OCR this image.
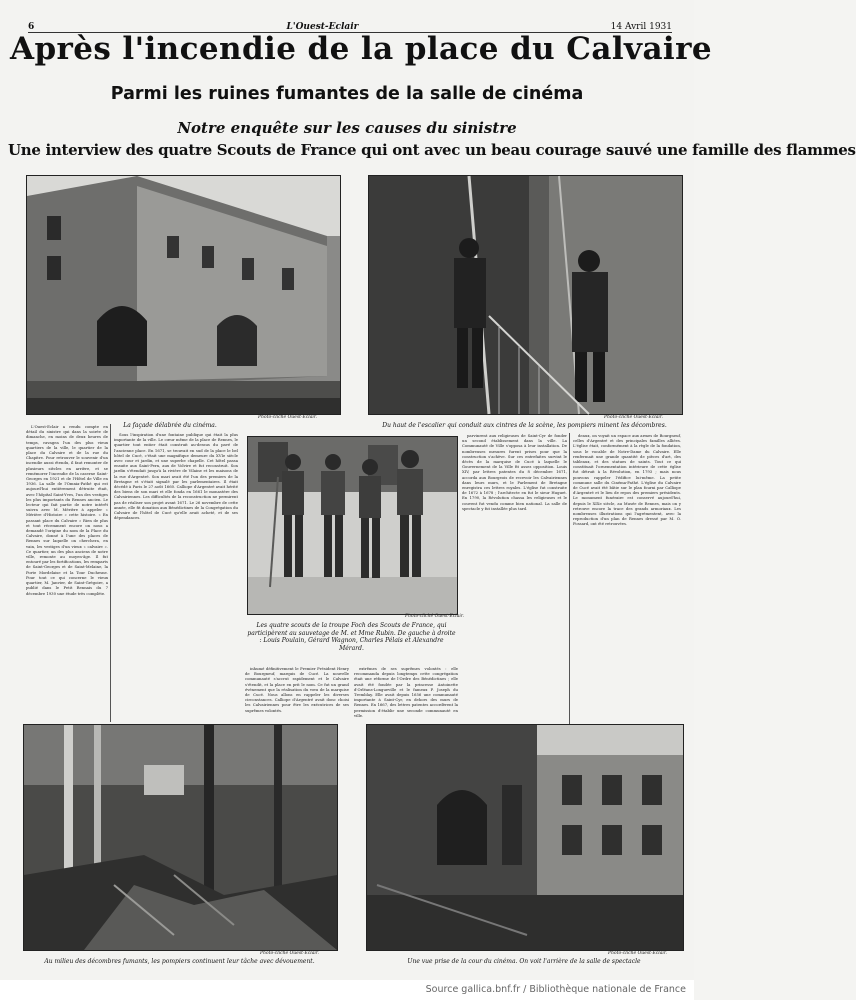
6	L'Ouest-Eclair	14 Avril 1931
Après l'incendie de la place du Calvaire
Parmi les ruines fumantes de la salle de cinéma
Notre enquête sur les causes du sinistre
Une interview des quatre Scouts de France qui ont avec un beau courage sauvé une famille des flammes
Photo-cliché Ouest-Eclair.
La façade délabrée du cinéma.
Photo-cliché Ouest-Eclair.
Du haut de l'escalier qui conduit aux cintres de la scène, les pompiers minent les décombres.

L'Ouest-Eclair a rendu compte en détail du sinistre qui dans la soirée de dimanche, en moins de deux heures de temps, ravagea l'un des plus vieux quartiers de la ville, le quartier de la place du Calvaire et de la rue du Chapitre. Pour retrouver le souvenir d'un incendie aussi étendu, il faut remonter de plusieurs siècles en arrière, et se remémorer l'incendie de la caserne Saint-Georges en 1921 et de l'Hôtel de Ville en 1936. La salle de l'Omnia-Pathé qui est aujourd'hui entièrement détruite était, avec l'hôpital Saint-Yves, l'un des vestiges les plus importants du Rennes ancien. Le lecteur qui fait partie de notre intérêt suivra avec M. Mérière à appeler « Mérière d'Histoire » cette histoire. « En passant place du Calvaire » Rien de plus et tout récemment encore on nous a demandé l'origine du nom de la Place du Calvaire, donné à l'une des places de Rennes sur laquelle on cherchera, en vain, les vestiges d'un vieux « calvaire ». Ce quartier, un des plus anciens de notre ville, remonte au moyen-âge. Il fut entouré par les fortifications, les remparts de Saint-Georges et de Saint-Melaine, la Porte Mordelaise et la Tour Duchesne. Pour tout ce qui concerne le vieux quartier, M. Janvier, de Saint-Grégoire, a publié dans le Petit Rennais du 7 décembre 1930 une étude très complète.

Sous l'inspiration d'une fontaine publique qui était la plus importante de la ville. Le cœur même de la place de Rennes, le quartier tout entier était construit au-dessus du pavé de l'ancienne place. En 1671, se trouvait en sud de la place le bel hôtel de Cucé, c'était une magnifique demeure du XVIe siècle avec cour et jardin, et une superbe chapelle. Cet hôtel passa ensuite aux Saint-Pern, aux de Volvire et fut reconstruit. Son jardin s'étendait jusqu'à la rivière de Vilaine et les maisons de la rue d'Argentré. Son mari avait été l'un des premiers de la Bretagne et s'était signalé par les parlementaires. Il était décédé à Paris le 27 août 1660. Calliope d'Argentré avait hérité des biens de son mari et elle fonda en 1661 le monastère des Calvairiennes. Les difficultés de la reconstruction ne permirent pas de réaliser son projet avant 1671. Le 26 novembre de cette année, elle fit donation aux Bénédictines de la Congrégation du Calvaire de l'hôtel de Cucé qu'elle avait acheté, et de ses dépendances.

inhumé définitivement le Premier Président Henry de Bourgneuf, marquis de Cucé. La nouvelle communauté s'accrut rapidement et le Calvaire s'étendit, et la place en prit le nom. Ce fut un grand événement que la réalisation du vœu de la marquise de Cucé. Nous allons en rappeler les diverses circonstances. Calliope d'Argentré avait donc choisi les Calvairiennes pour être les exécutrices de ses suprêmes volontés.

extrêmes de ses suprêmes volontés : elle recommanda depuis longtemps cette congrégation était une réforme de l'Ordre des Bénédictines ; elle avait été fondée par la princesse Antoinette d'Orléans-Longueville et le fameux P. Joseph du Tremblay. Elle avait depuis 1656 une communauté importante à Saint-Cyr, en dehors des murs de Rennes. En 1667, des lettres patentes accordèrent la permission d'établir une seconde communauté en ville.

parvinrent aux religieuses de Saint-Cyr de fonder un second établissement dans la ville. La Communauté de Ville s'opposa à leur installation. De nombreuses mesures furent prises pour que la construction s'achève. Sur ces entrefaites survint le décès de la marquise de Cucé à laquelle le Gouvernement de la Ville fit assez opposition. Louis XIV, par lettres patentes du 8 décembre 1671, accorda aux Bourgeois de recevoir les Calvairiennes dans leurs murs, et le Parlement de Bretagne enregistra ces lettres royales. L'église fut construite de 1672 à 1678 ; l'architecte en fut le sieur Huguet. En 1790, la Révolution chassa les religieuses et le couvent fut vendu comme bien national. La salle de spectacle y fut installée plus tard.

deaux, on voyait un espace aux armes de Bourgneuf, celles d'Argentré et des principales familles alliées. L'église était, conformément à la règle de la fondation, sous le vocable de Notre-Dame du Calvaire. Elle renfermait une grande quantité de pièces d'art, des tableaux, et des statues de saints. Tout ce qui constituait l'ornementation intérieure de cette église fut détruit à la Révolution, en 1793 ; mais nous pouvons rappeler l'édifice lui-même. La petite commune salle du Cinéma-Pathé. L'église du Calvaire de Cucé avait été bâtie sur le plan fourni par Calliope d'Argentré et le lieu de repos des premiers présidents. Le monument funéraire est conservé aujourd'hui, depuis le XIXe siècle, au Musée de Rennes, mais on y retrouve encore la trace des grands armoriaux. Les nombreuses illustrations qui l'agrémentent, avec la reproduction d'un plan de Rennes dressé par M. O. Fossard, ont été retrouvées.

Photo-cliché Ouest-Eclair.
Les quatre scouts de la troupe Foch des Scouts de France, qui participèrent au sauvetage de M. et Mme Rubin. De gauche à droite : Louis Poulain, Gérard Wagnon, Charles Pélais et Alexandre Mérard.
Photo-cliché Ouest-Eclair.
Au milieu des décombres fumants, les pompiers continuent leur tâche avec dévouement.
Photo-cliché Ouest-Eclair.
Une vue prise de la cour du cinéma. On voit l'arrière de la salle de spectacle
Source gallica.bnf.fr / Bibliothèque nationale de France
